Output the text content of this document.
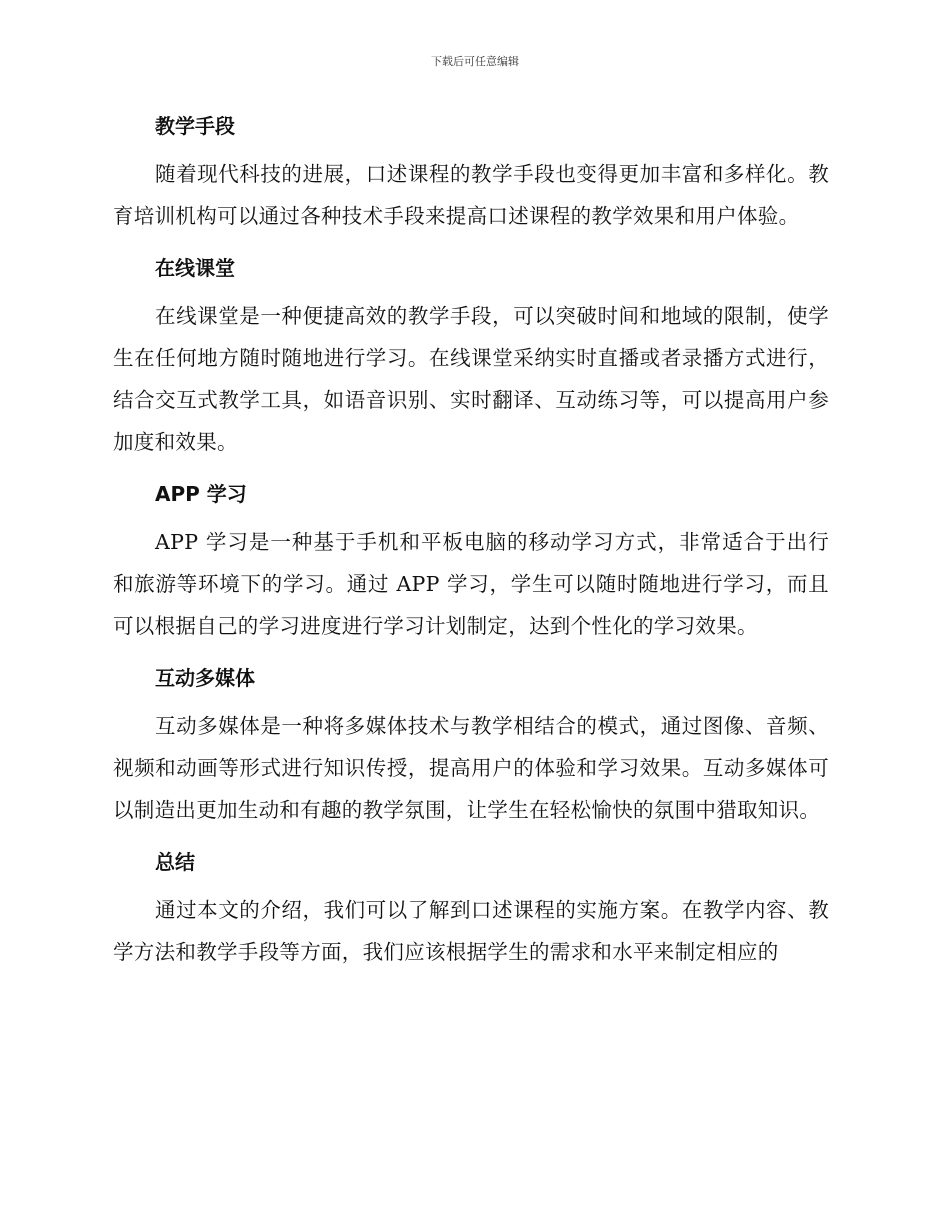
下载后可任意编辑
教学手段

随着现代科技的进展，口述课程的教学手段也变得更加丰富和多样化。教育培训机构可以通过各种技术手段来提高口述课程的教学效果和用户体验。

在线课堂

在线课堂是一种便捷高效的教学手段，可以突破时间和地域的限制，使学生在任何地方随时随地进行学习。在线课堂采纳实时直播或者录播方式进行，结合交互式教学工具，如语音识别、实时翻译、互动练习等，可以提高用户参加度和效果。

APP 学习

APP 学习是一种基于手机和平板电脑的移动学习方式，非常适合于出行和旅游等环境下的学习。通过 APP 学习，学生可以随时随地进行学习，而且可以根据自己的学习进度进行学习计划制定，达到个性化的学习效果。

互动多媒体

互动多媒体是一种将多媒体技术与教学相结合的模式，通过图像、音频、视频和动画等形式进行知识传授，提高用户的体验和学习效果。互动多媒体可以制造出更加生动和有趣的教学氛围，让学生在轻松愉快的氛围中猎取知识。

总结

通过本文的介绍，我们可以了解到口述课程的实施方案。在教学内容、教学方法和教学手段等方面，我们应该根据学生的需求和水平来制定相应的
